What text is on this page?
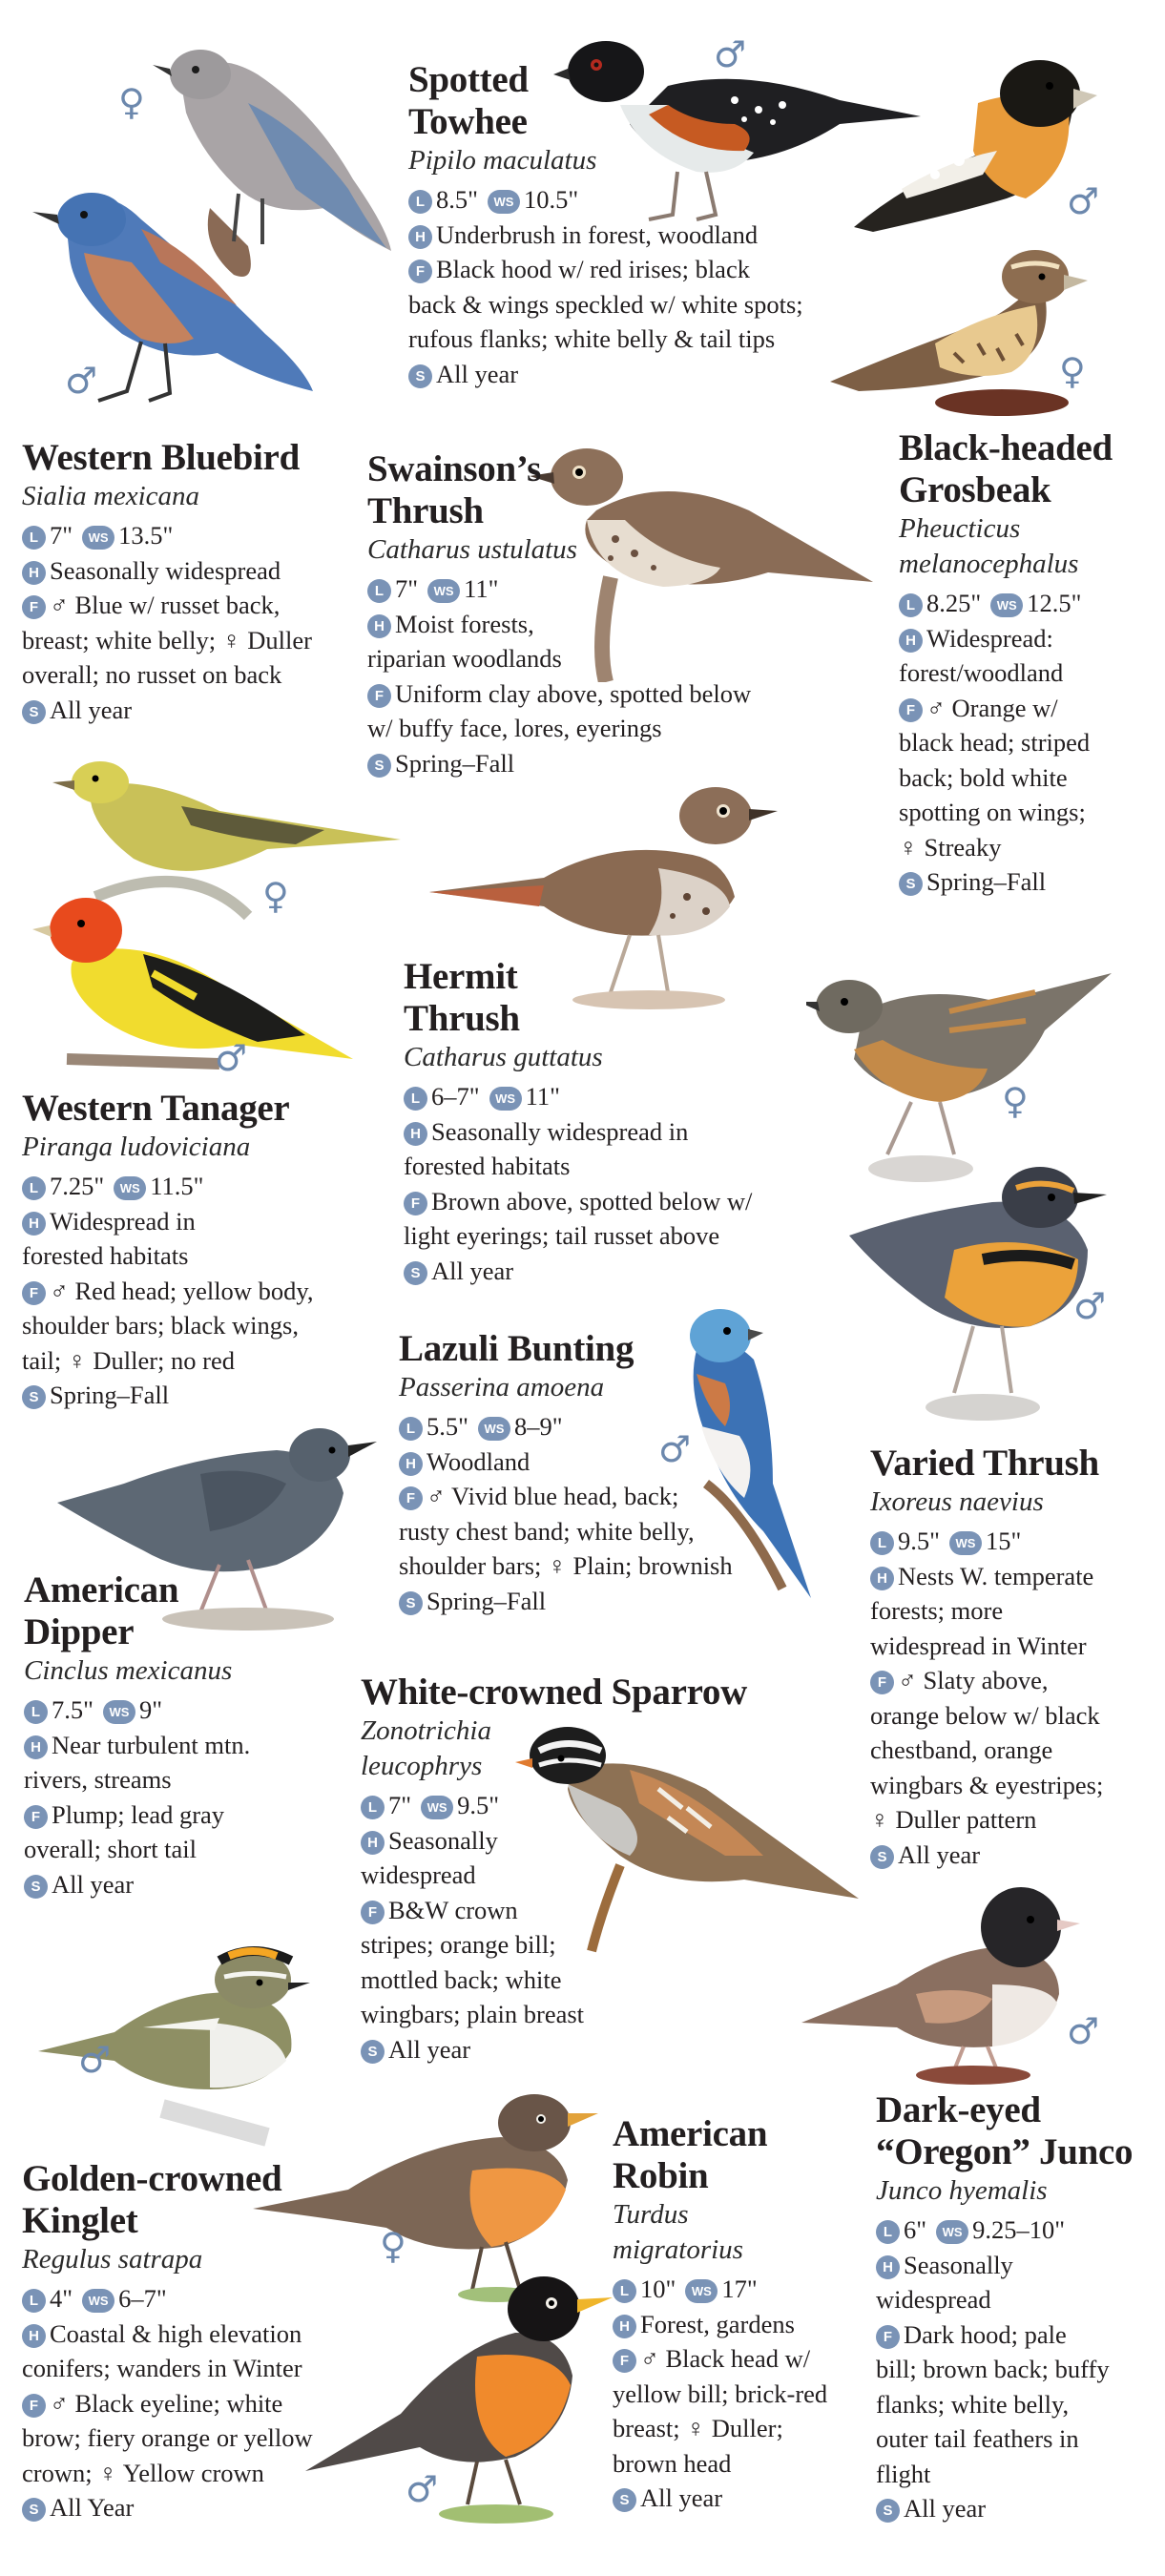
♀
♂
♂
♂
♀
♀
♂
♀
♂
♂
♂
♀
♂
♂

Spotted
Towhee

Pipilo maculatus

L 8.5" WS 10.5"

H Underbrush in forest, woodland

F Black hood w/ red irises; black
back & wings speckled w/ white spots;
rufous flanks; white belly & tail tips

S All year

Western Bluebird

Sialia mexicana

L 7" WS 13.5"

H Seasonally widespread

F ♂ Blue w/ russet back,
breast; white belly; ♀ Duller
overall; no russet on back

S All year

Swainson’s
Thrush

Catharus ustulatus

L 7" WS 11"

H Moist forests,
riparian woodlands

F Uniform clay above, spotted below
w/ buffy face, lores, eyerings

S Spring–Fall

Black-headed
Grosbeak

Pheucticus
melanocephalus

L 8.25" WS 12.5"

H Widespread:
forest/woodland

F ♂ Orange w/
black head; striped
back; bold white
spotting on wings;
♀ Streaky

S Spring–Fall

Western Tanager

Piranga ludoviciana

L 7.25" WS 11.5"

H Widespread in
forested habitats

F ♂ Red head; yellow body,
shoulder bars; black wings,
tail; ♀ Duller; no red

S Spring–Fall

Hermit
Thrush

Catharus guttatus

L 6–7" WS 11"

H Seasonally widespread in
forested habitats

F Brown above, spotted below w/
light eyerings; tail russet above

S All year

Lazuli Bunting

Passerina amoena

L 5.5" WS 8–9"

H Woodland

F ♂ Vivid blue head, back;
rusty chest band; white belly,
shoulder bars; ♀ Plain; brownish

S Spring–Fall

Varied Thrush

Ixoreus naevius

L 9.5" WS 15"

H Nests W. temperate
forests; more
widespread in Winter

F ♂ Slaty above,
orange below w/ black
chestband, orange
wingbars & eyestripes;
♀ Duller pattern

S All year

American
Dipper

Cinclus mexicanus

L 7.5" WS 9"

H Near turbulent mtn.
rivers, streams

F Plump; lead gray
overall; short tail

S All year

White-crowned Sparrow

Zonotrichia
leucophrys

L 7" WS 9.5"

H Seasonally
widespread

F B&W crown
stripes; orange bill;
mottled back; white
wingbars; plain breast

S All year

Golden-crowned
Kinglet

Regulus satrapa

L 4" WS 6–7"

H Coastal & high elevation
conifers; wanders in Winter

F ♂ Black eyeline; white
brow; fiery orange or yellow
crown; ♀ Yellow crown

S All Year

American
Robin

Turdus
migratorius

L 10" WS 17"

H Forest, gardens

F ♂ Black head w/
yellow bill; brick-red
breast; ♀ Duller;
brown head

S All year

Dark-eyed
“Oregon” Junco

Junco hyemalis

L 6" WS 9.25–10"

H Seasonally
widespread

F Dark hood; pale
bill; brown back; buffy
flanks; white belly,
outer tail feathers in
flight

S All year
